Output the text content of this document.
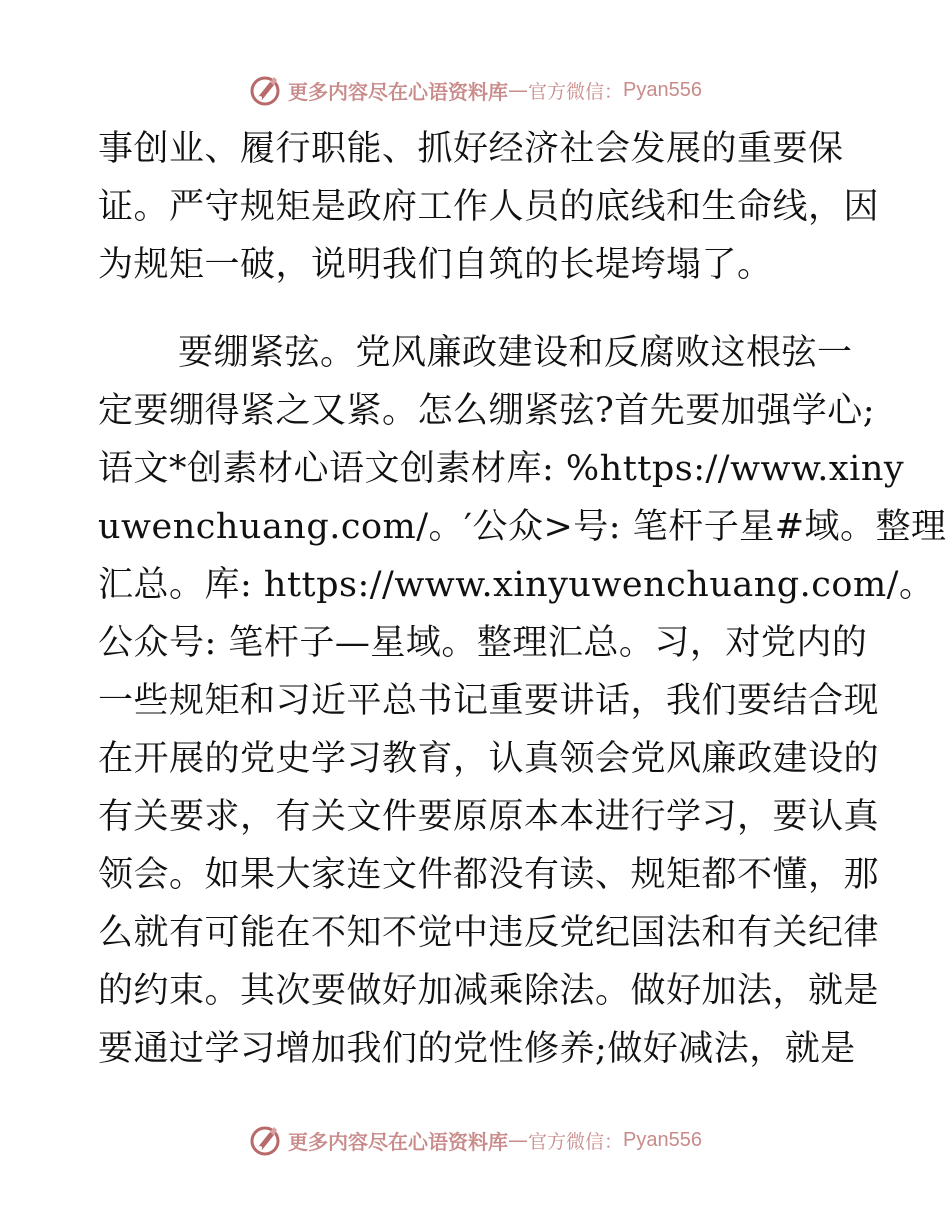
更多内容尽在心语资料库 — 官方微信： Pyan556
事创业、履行职能、抓好经济社会发展的重要保
证。严守规矩是政府工作人员的底线和生命线，因
为规矩一破，说明我们自筑的长堤垮塌了。
要绷紧弦。党风廉政建设和反腐败这根弦一
定要绷得紧之又紧。怎么绷紧弦?首先要加强学心;
语文*创素材心语文创素材库: %https://www.xiny
uwenchuang.com/。′公众>号: 笔杆子星#域。整理
汇总。库: https://www.xinyuwenchuang.com/。
公众号: 笔杆子—星域。整理汇总。习，对党内的
一些规矩和习近平总书记重要讲话，我们要结合现
在开展的党史学习教育，认真领会党风廉政建设的
有关要求，有关文件要原原本本进行学习，要认真
领会。如果大家连文件都没有读、规矩都不懂，那
么就有可能在不知不觉中违反党纪国法和有关纪律
的约束。其次要做好加减乘除法。做好加法，就是
要通过学习增加我们的党性修养;做好减法，就是
更多内容尽在心语资料库 — 官方微信： Pyan556
